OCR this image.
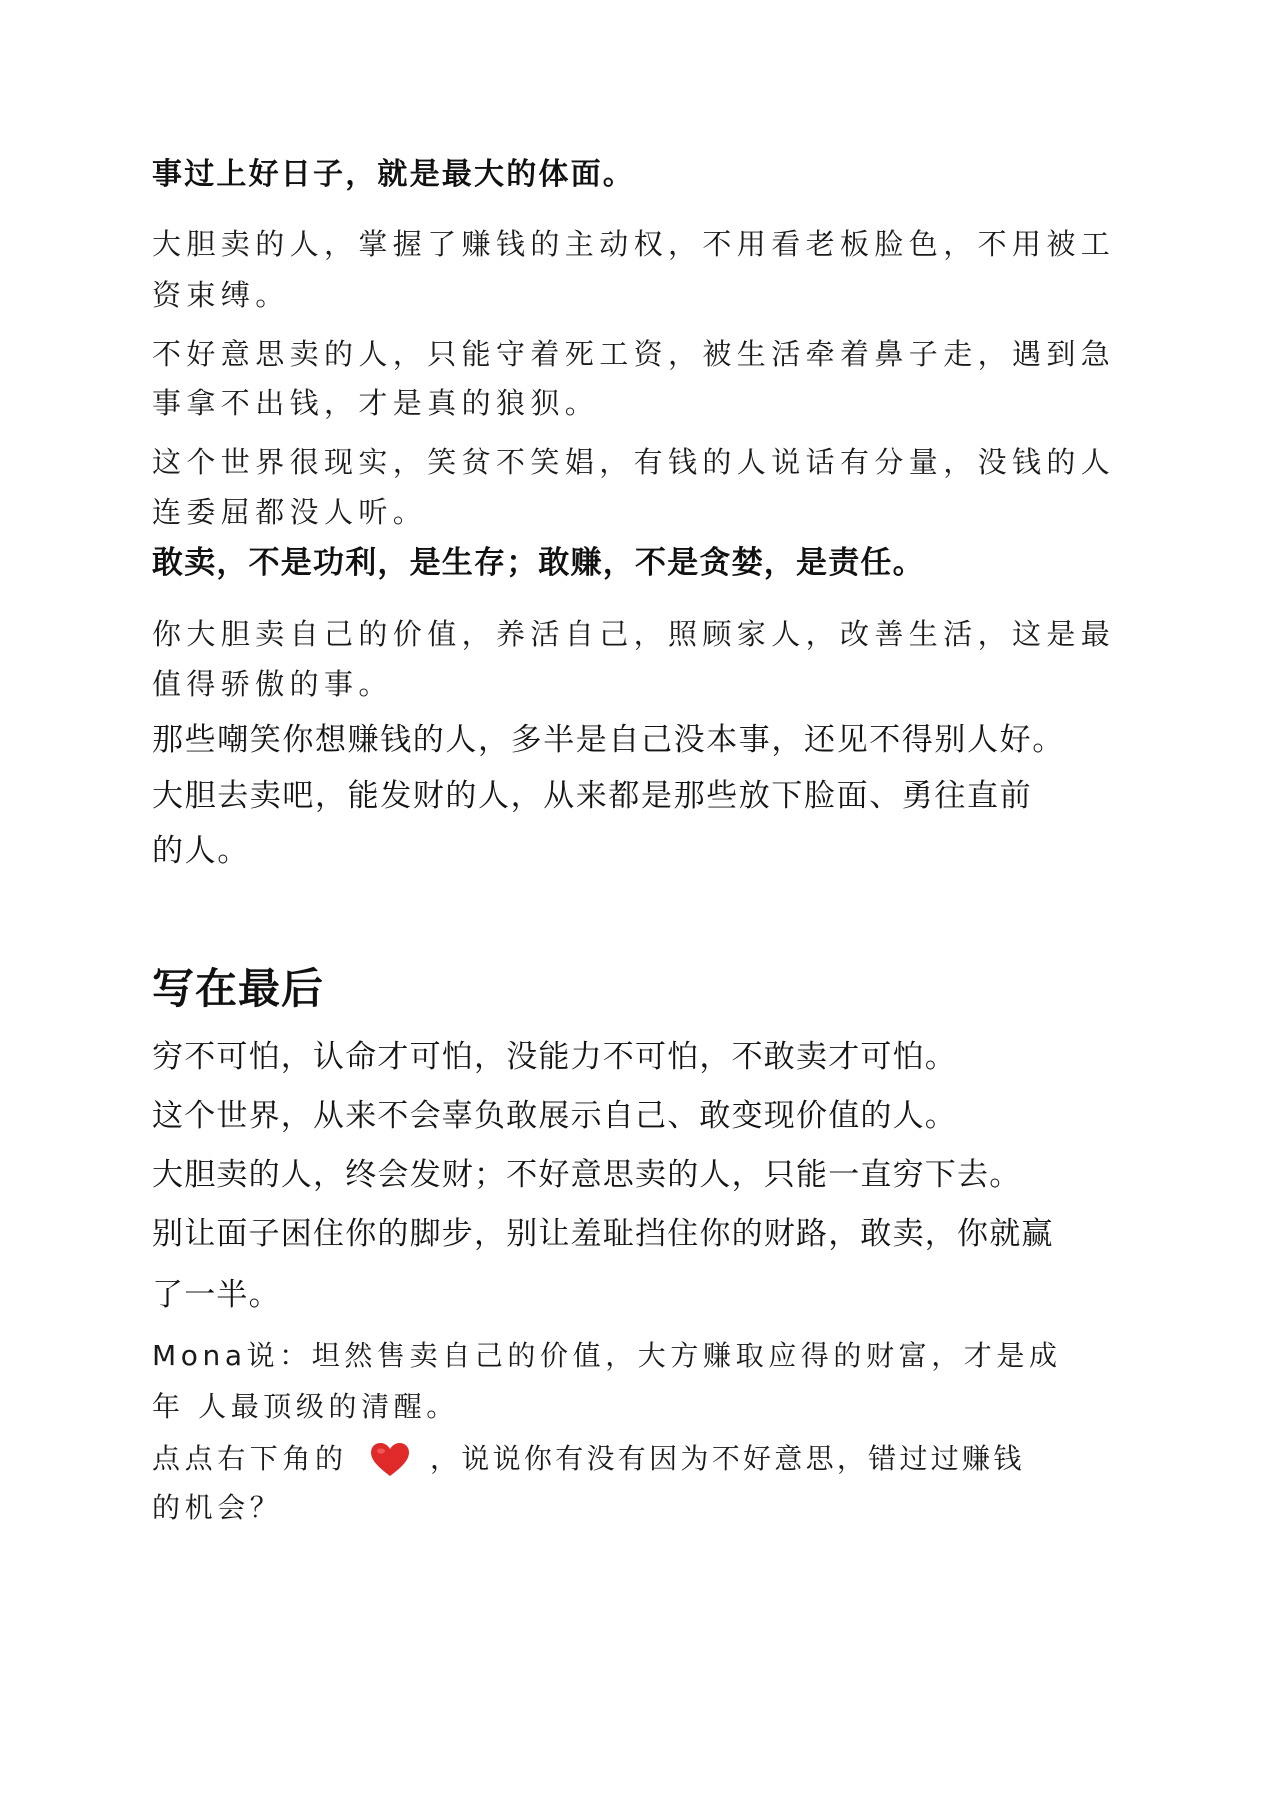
事过上好日子，就是最大的体面。
大胆卖的人，掌握了赚钱的主动权，不用看老板脸色，不用被工
资束缚。
不好意思卖的人，只能守着死工资，被生活牵着鼻子走，遇到急
事拿不出钱，才是真的狼狈。
这个世界很现实，笑贫不笑娼，有钱的人说话有分量，没钱的人
连委屈都没人听。
敢卖，不是功利，是生存；敢赚，不是贪婪，是责任。
你大胆卖自己的价值，养活自己，照顾家人，改善生活，这是最
值得骄傲的事。
那些嘲笑你想赚钱的人，多半是自己没本事，还见不得别人好。
大胆去卖吧，能发财的人，从来都是那些放下脸面、勇往直前
的人。
写在最后
穷不可怕，认命才可怕，没能力不可怕，不敢卖才可怕。
这个世界，从来不会辜负敢展示自己、敢变现价值的人。
大胆卖的人，终会发财；不好意思卖的人，只能一直穷下去。
别让面子困住你的脚步，别让羞耻挡住你的财路，敢卖，你就赢
了一半。
Mona说：坦然售卖自己的价值，大方赚取应得的财富，才是成
年 人最顶级的清醒。
点点右下角的	，说说你有没有因为不好意思，错过过赚钱
的机会？
